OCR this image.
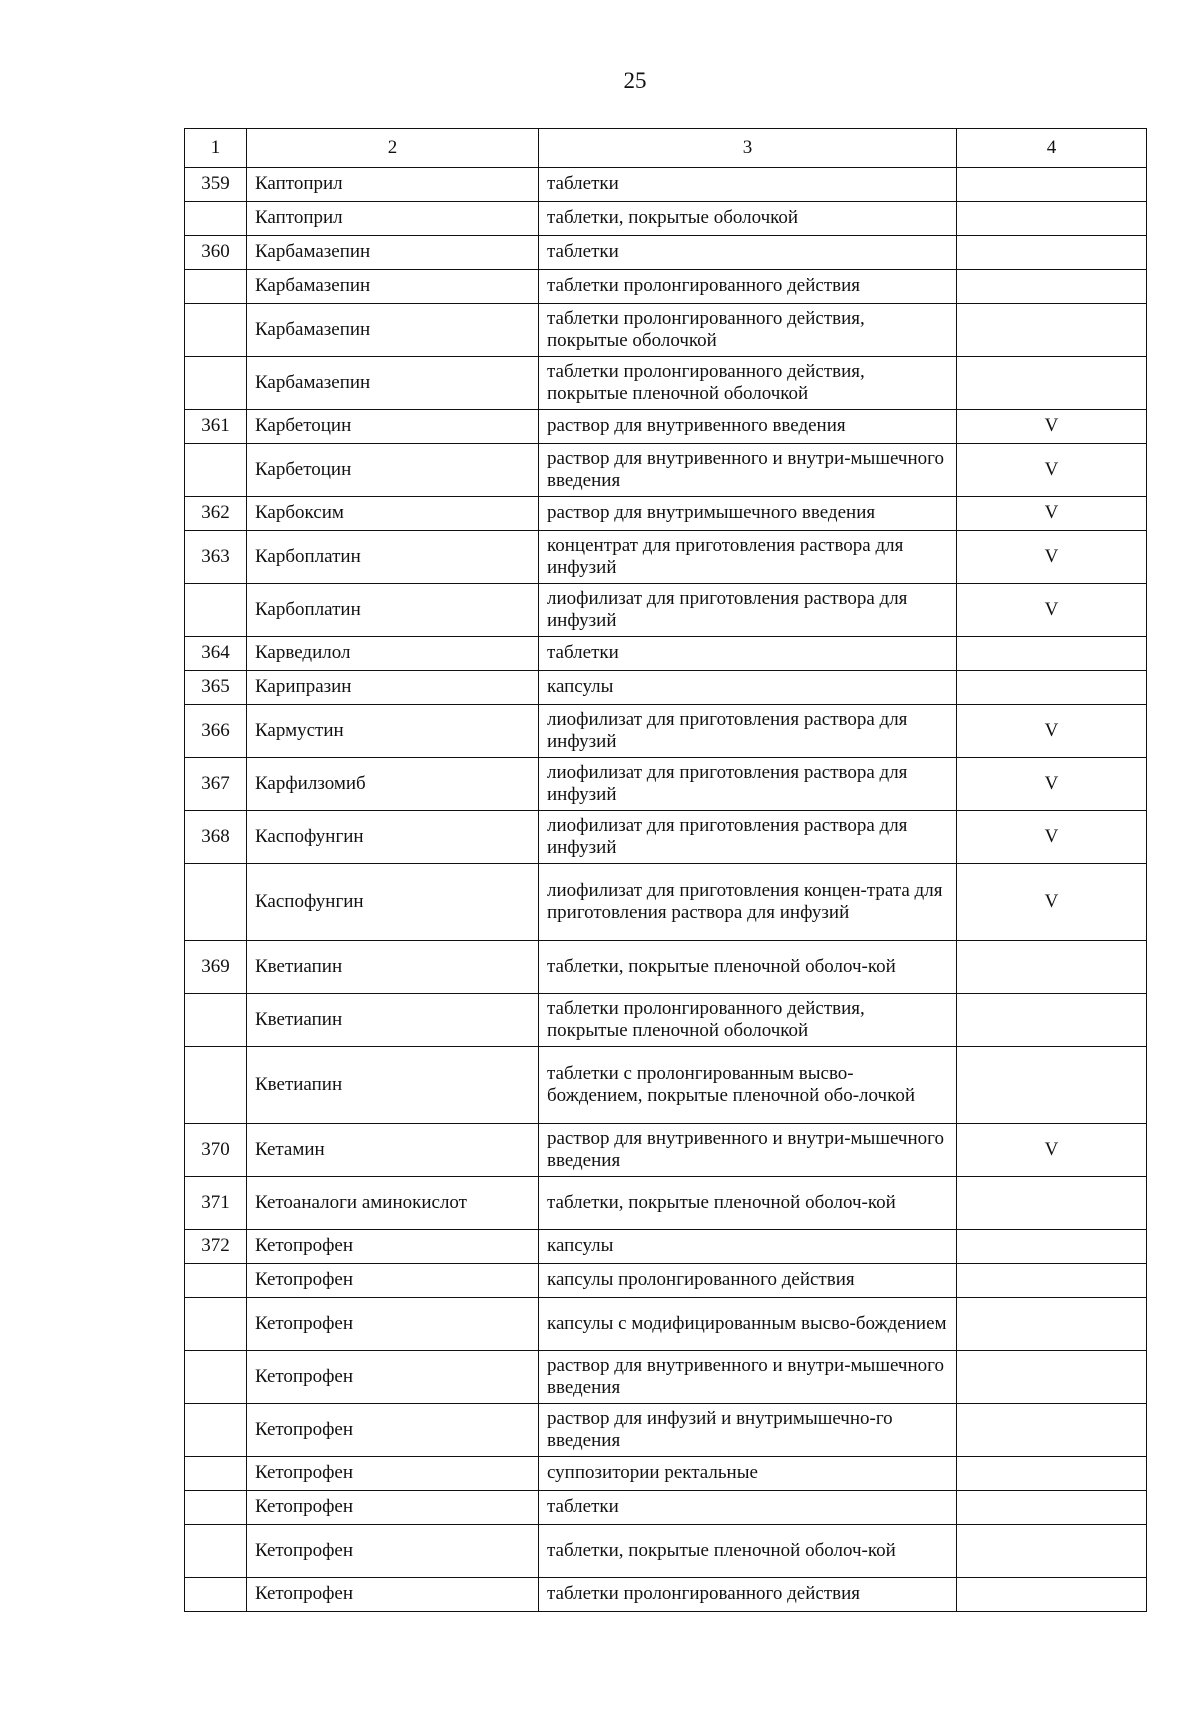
25
1	2	3	4
359	Каптоприл	таблетки	
	Каптоприл	таблетки, покрытые оболочкой	
360	Карбамазепин	таблетки	
	Карбамазепин	таблетки пролонгированного действия	
	Карбамазепин	таблетки пролонгированного действия, покрытые оболочкой	
	Карбамазепин	таблетки пролонгированного действия, покрытые пленочной оболочкой	
361	Карбетоцин	раствор для внутривенного введения	V
	Карбетоцин	раствор для внутривенного и внутри-мышечного введения	V
362	Карбоксим	раствор для внутримышечного введения	V
363	Карбоплатин	концентрат для приготовления раствора для инфузий	V
	Карбоплатин	лиофилизат для приготовления раствора для инфузий	V
364	Карведилол	таблетки	
365	Карипразин	капсулы	
366	Кармустин	лиофилизат для приготовления раствора для инфузий	V
367	Карфилзомиб	лиофилизат для приготовления раствора для инфузий	V
368	Каспофунгин	лиофилизат для приготовления раствора для инфузий	V
	Каспофунгин	лиофилизат для приготовления концен-трата для приготовления раствора для инфузий	V
369	Кветиапин	таблетки, покрытые пленочной оболоч-кой	
	Кветиапин	таблетки пролонгированного действия, покрытые пленочной оболочкой	
	Кветиапин	таблетки с пролонгированным высво-бождением, покрытые пленочной обо-лочкой	
370	Кетамин	раствор для внутривенного и внутри-мышечного введения	V
371	Кетоаналоги аминокислот	таблетки, покрытые пленочной оболоч-кой	
372	Кетопрофен	капсулы	
	Кетопрофен	капсулы пролонгированного действия	
	Кетопрофен	капсулы с модифицированным высво-бождением	
	Кетопрофен	раствор для внутривенного и внутри-мышечного введения	
	Кетопрофен	раствор для инфузий и внутримышечно-го введения	
	Кетопрофен	суппозитории ректальные	
	Кетопрофен	таблетки	
	Кетопрофен	таблетки, покрытые пленочной оболоч-кой	
	Кетопрофен	таблетки пролонгированного действия	
